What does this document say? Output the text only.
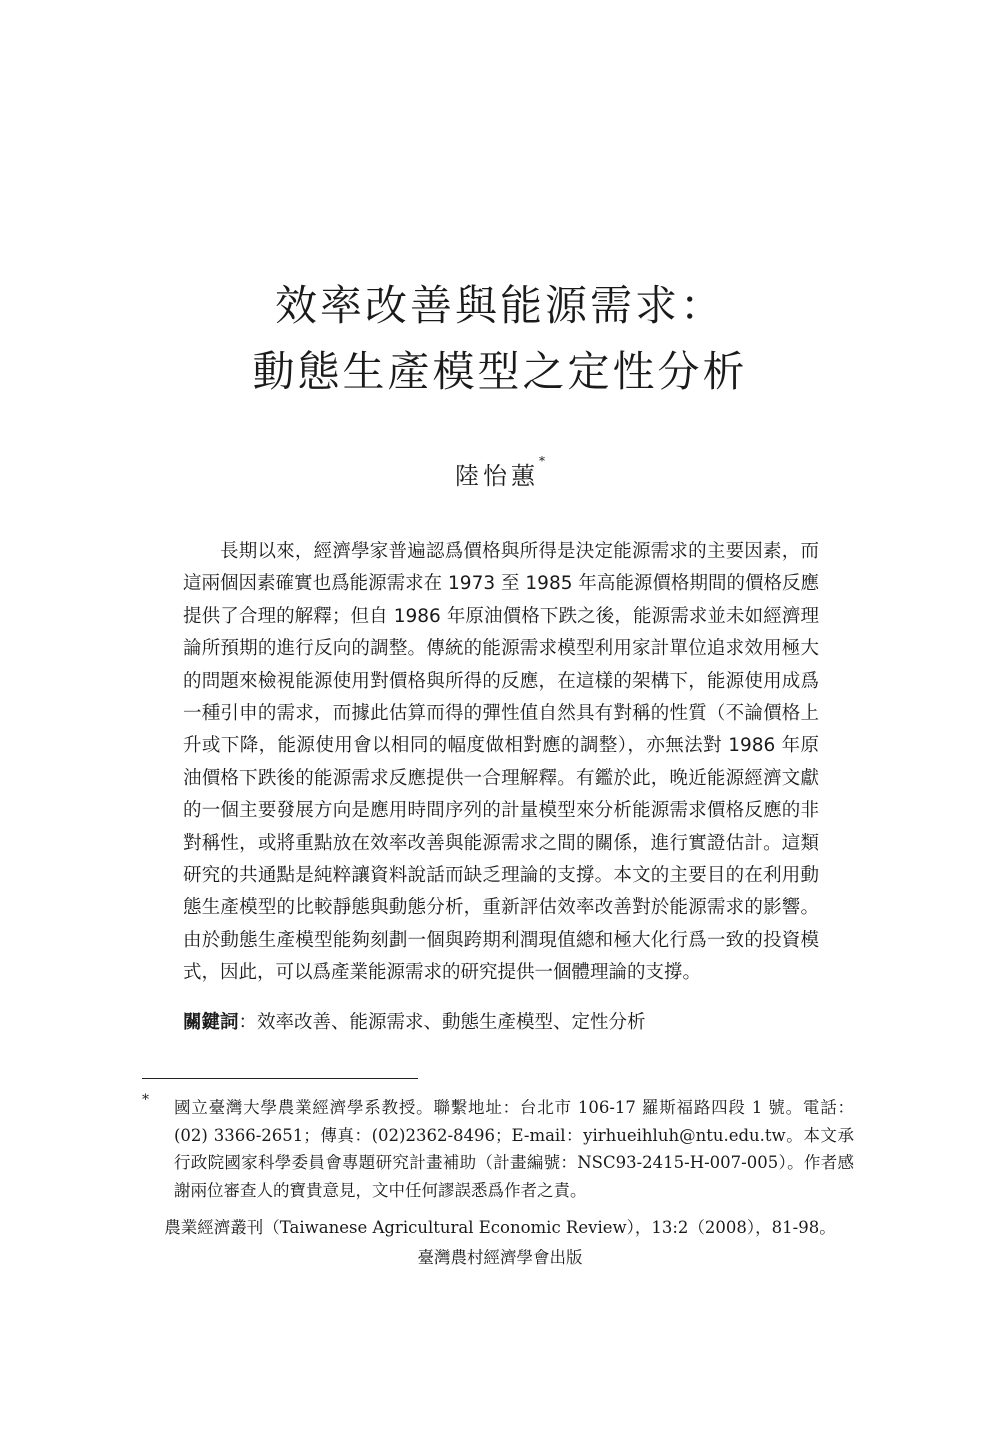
效率改善與能源需求：
動態生產模型之定性分析
陸怡蕙*

長期以來，經濟學家普遍認爲價格與所得是決定能源需求的主要因素，而這兩個因素確實也爲能源需求在 1973 至 1985 年高能源價格期間的價格反應提供了合理的解釋；但自 1986 年原油價格下跌之後，能源需求並未如經濟理論所預期的進行反向的調整。傳統的能源需求模型利用家計單位追求效用極大的問題來檢視能源使用對價格與所得的反應，在這樣的架構下，能源使用成爲一種引申的需求，而據此估算而得的彈性值自然具有對稱的性質（不論價格上升或下降，能源使用會以相同的幅度做相對應的調整），亦無法對 1986 年原油價格下跌後的能源需求反應提供一合理解釋。有鑑於此，晚近能源經濟文獻的一個主要發展方向是應用時間序列的計量模型來分析能源需求價格反應的非對稱性，或將重點放在效率改善與能源需求之間的關係，進行實證估計。這類研究的共通點是純粹讓資料說話而缺乏理論的支撐。本文的主要目的在利用動態生產模型的比較靜態與動態分析，重新評估效率改善對於能源需求的影響。由於動態生產模型能夠刻劃一個與跨期利潤現值總和極大化行爲一致的投資模式，因此，可以爲產業能源需求的研究提供一個體理論的支撐。

關鍵詞：效率改善、能源需求、動態生產模型、定性分析
* 國立臺灣大學農業經濟學系教授。聯繫地址：台北市 106-17 羅斯福路四段 1 號。電話：(02) 3366-2651；傳真：(02)2362-8496；E-mail：yirhueihluh@ntu.edu.tw。本文承行政院國家科學委員會專題研究計畫補助（計畫編號：NSC93-2415-H-007-005）。作者感謝兩位審查人的寶貴意見，文中任何謬誤悉爲作者之責。

農業經濟叢刊（Taiwanese Agricultural Economic Review），13:2（2008），81-98。
臺灣農村經濟學會出版
